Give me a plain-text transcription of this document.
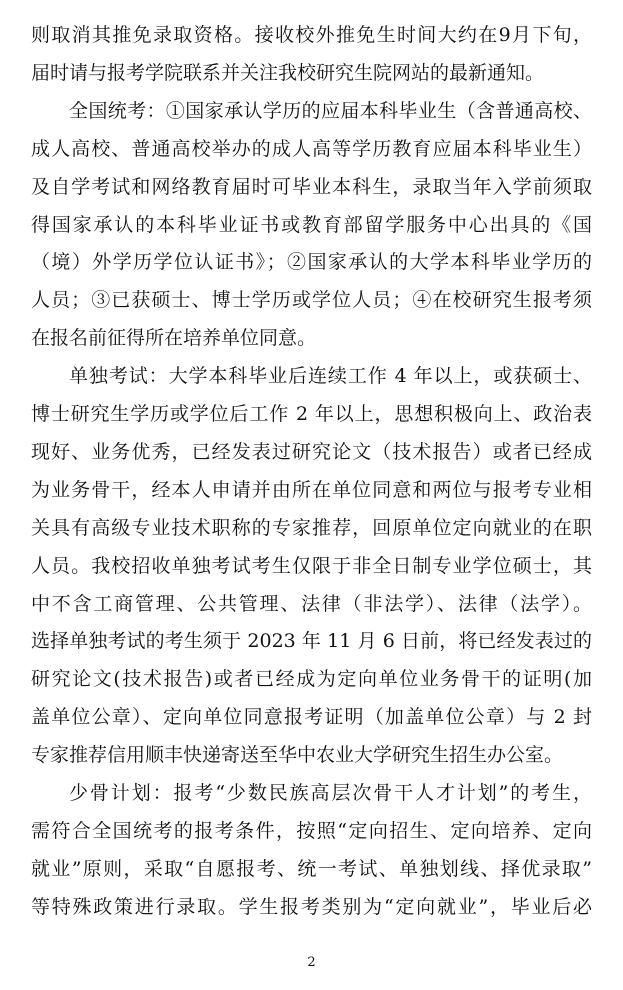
则取消其推免录取资格。接收校外推免生时间大约在9月下旬，
届时请与报考学院联系并关注我校研究生院网站的最新通知。
全国统考：①国家承认学历的应届本科毕业生（含普通高校、
成人高校、普通高校举办的成人高等学历教育应届本科毕业生）
及自学考试和网络教育届时可毕业本科生，录取当年入学前须取
得国家承认的本科毕业证书或教育部留学服务中心出具的《国
（境）外学历学位认证书》；②国家承认的大学本科毕业学历的
人员；③已获硕士、博士学历或学位人员；④在校研究生报考须
在报名前征得所在培养单位同意。
单独考试：大学本科毕业后连续工作 4 年以上，或获硕士、
博士研究生学历或学位后工作 2 年以上，思想积极向上、政治表
现好、业务优秀，已经发表过研究论文（技术报告）或者已经成
为业务骨干，经本人申请并由所在单位同意和两位与报考专业相
关具有高级专业技术职称的专家推荐，回原单位定向就业的在职
人员。我校招收单独考试考生仅限于非全日制专业学位硕士，其
中不含工商管理、公共管理、法律（非法学）、法律（法学）。
选择单独考试的考生须于 2023 年 11 月 6 日前，将已经发表过的
研究论文(技术报告)或者已经成为定向单位业务骨干的证明(加
盖单位公章）、定向单位同意报考证明（加盖单位公章）与 2 封
专家推荐信用顺丰快递寄送至华中农业大学研究生招生办公室。
少骨计划：报考“少数民族高层次骨干人才计划”的考生，
需符合全国统考的报考条件，按照“定向招生、定向培养、定向
就业”原则，采取“自愿报考、统一考试、单独划线、择优录取”
等特殊政策进行录取。学生报考类别为“定向就业”，毕业后必
2
